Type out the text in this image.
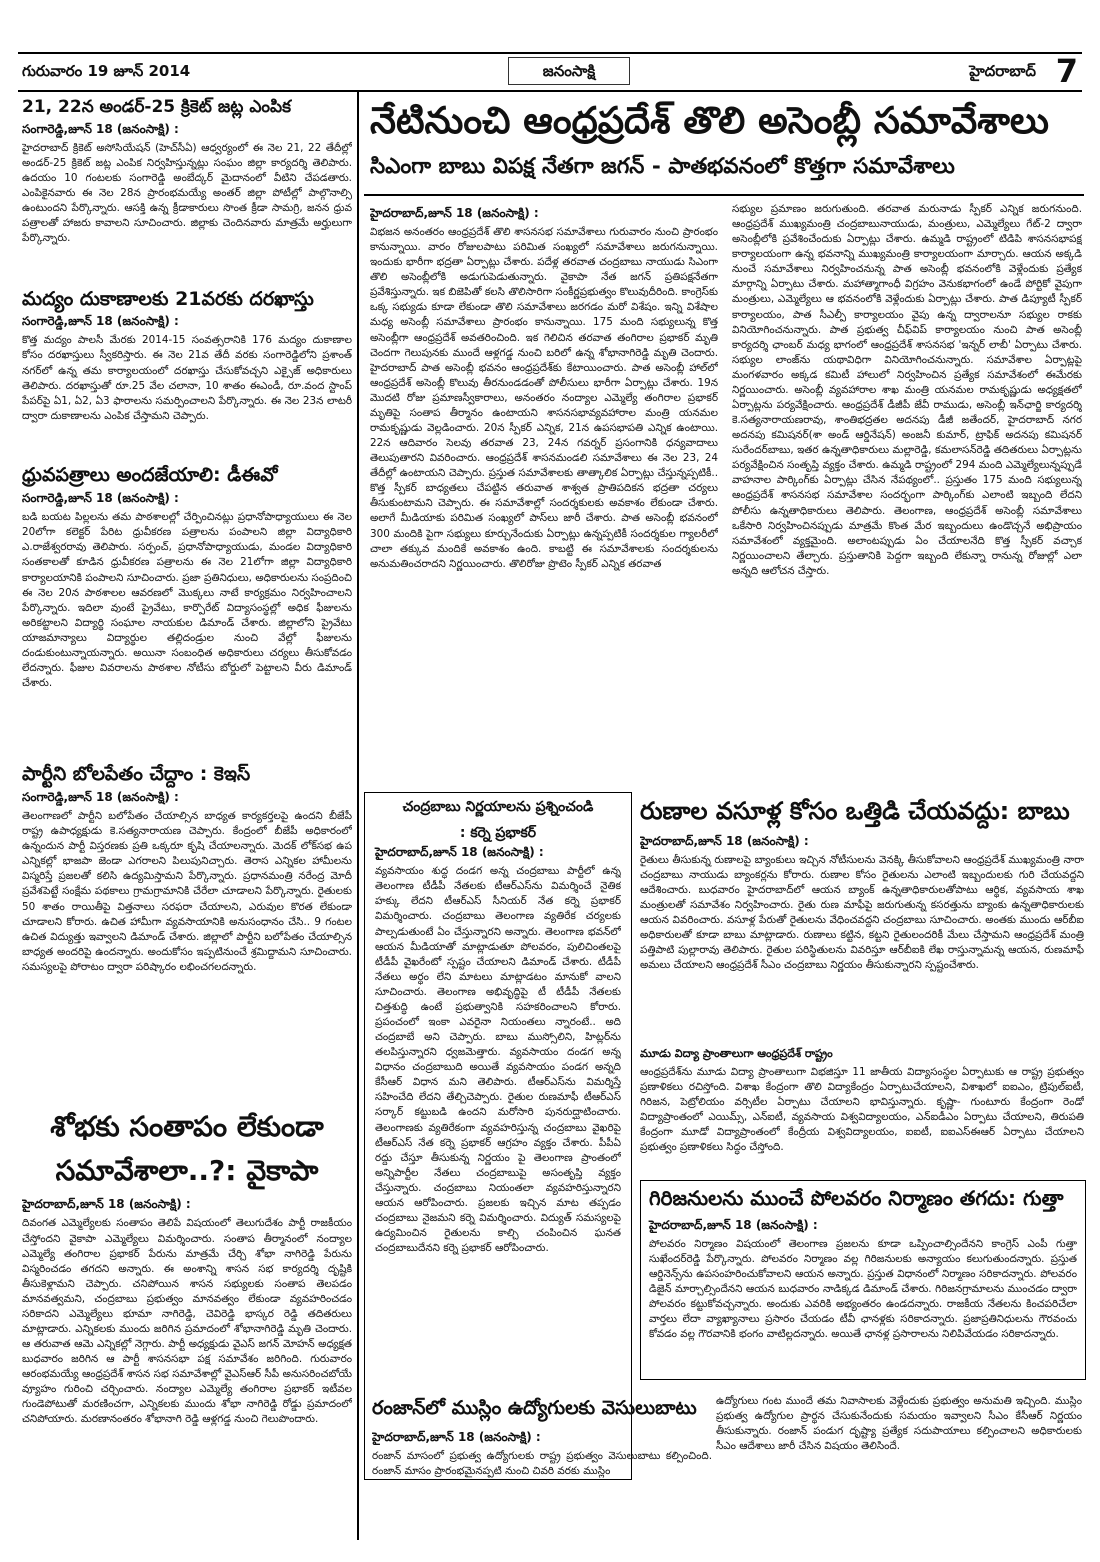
గురువారం 19 జూన్ 2014	జనంసాక్షి	హైదరాబాద్ 7
21, 22న అండర్-25 క్రికెట్ జట్ల ఎంపిక
సంగారెడ్డి,జూన్ 18 (జనంసాక్షి) :

హైదరాబాద్ క్రికెట్ అసోసియేషన్ (హెచ్‌సీఏ) ఆధ్వర్యంలో ఈ నెల 21, 22 తేదీల్లో అండర్-25 క్రికెట్ జట్ల ఎంపిక నిర్వహిస్తున్నట్లు సంఘం జిల్లా కార్యదర్శి తెలిపారు. ఉదయం 10 గంటలకు సంగారెడ్డి అంబేద్కర్ మైదానంలో వీటిని చేపడతారు. ఎంపికైనవారు ఈ నెల 28న ప్రారంభమయ్యే అంతర్ జిల్లా పోటీల్లో పాల్గొనాల్సి ఉంటుందని పేర్కొన్నారు. ఆసక్తి ఉన్న క్రీడాకారులు సొంత క్రీడా సామగ్రి, జనన ధ్రువ పత్రాలతో హాజరు కావాలని సూచించారు. జిల్లాకు చెందినవారు మాత్రమే అర్హులుగా పేర్కొన్నారు.

మద్యం దుకాణాలకు 21వరకు దరఖాస్తు
సంగారెడ్డి,జూన్ 18 (జనంసాక్షి) :

కొత్త మద్యం పాలసీ మేరకు 2014-15 సంవత్సరానికి 176 మద్యం దుకాణాల కోసం దరఖాస్తులు స్వీకరిస్తారు. ఈ నెల 21వ తేదీ వరకు సంగారెడ్డిలోని ప్రశాంత్ నగర్‌లో ఉన్న తమ కార్యాలయంలో దరఖాస్తు చేసుకోవచ్చని ఎక్సైజ్ అధికారులు తెలిపారు. దరఖాస్తుతో రూ.25 వేల చలానా, 10 శాతం ఈఎండీ, రూ.వంద స్టాంప్ పేపర్‌పై ఏ1, ఏ2, ఏ3 ఫారాలను సమర్పించాలని పేర్కొన్నారు. ఈ నెల 23న లాటరీ ద్వారా దుకాణాలను ఎంపిక చేస్తామని చెప్పారు.

ధ్రువపత్రాలు అందజేయాలి: డీఈవో
సంగారెడ్డి,జూన్ 18 (జనంసాక్షి) :

బడి బయట పిల్లలను తమ పాఠశాలల్లో చేర్పించినట్లు ప్రధానోపాధ్యాయులు ఈ నెల 20లోగా కలెక్టర్ పేరిట ధ్రువీకరణ పత్రాలను పంపాలని జిల్లా విద్యాధికారి ఎ.రాజేశ్వరరావు తెలిపారు. సర్పంచ్, ప్రధానోపాధ్యాయుడు, మండల విద్యాధికారి సంతకాలతో కూడిన ధ్రువీకరణ పత్రాలను ఈ నెల 21లోగా జిల్లా విద్యాధికారి కార్యాలయానికి పంపాలని సూచించారు. ప్రజా ప్రతినిధులు, అధికారులను సంప్రదించి ఈ నెల 20న పాఠశాలల ఆవరణలో మొక్కలు నాటే కార్యక్రమం నిర్వహించాలని పేర్కొన్నారు. ఇదిలా వుంటే ప్రైవేటు, కార్పొరేట్ విద్యాసంస్థల్లో అధిక ఫీజులను అరికట్టాలని విద్యార్థి సంఘాల నాయకుల డిమాండ్ చేశారు. జిల్లాలోని ప్రైవేటు యాజమాన్యాలు విద్యార్థుల తల్లిదండ్రుల నుంచి వేల్లో ఫీజులను దండుకుంటున్నాయన్నారు. అయినా సంబంధిత అధికారులు చర్యలు తీసుకోవడం లేదన్నారు. ఫీజుల వివరాలను పాఠశాల నోటీసు బోర్డులో పెట్టాలని వీరు డిమాండ్ చేశారు.

పార్టీని బోలపేతం చేద్దాం : కెఇస్
సంగారెడ్డి,జూన్ 18 (జనంసాక్షి) :

తెలంగాణలో పార్టీని బలోపేతం చేయాల్సిన బాధ్యత కార్యకర్తలపై ఉందని బీజేపీ రాష్ట్ర ఉపాధ్యక్షుడు కె.సత్యనారాయణ చెప్పారు. కేంద్రంలో బీజేపీ అధికారంలో ఉన్నందున పార్టీ విస్తరణకు ప్రతి ఒక్కరూ కృషి చేయాలన్నారు. మెదక్ లోక్‌సభ ఉప ఎన్నికల్లో భాజపా జెండా ఎగరాలని పిలుపునిచ్చారు. తెరాస ఎన్నికల హామీలను విస్మరిస్తే ప్రజలతో కలిసి ఉద్యమిస్తామని పేర్కొన్నారు. ప్రధానమంత్రి నరేంద్ర మోదీ ప్రవేశపెట్టే సంక్షేమ పథకాలు గ్రామగ్రామానికి చేరేలా చూడాలని పేర్కొన్నారు. రైతులకు 50 శాతం రాయితీపై విత్తనాలు సరఫరా చేయాలని, ఎరువుల కొరత లేకుండా చూడాలని కోరారు. ఉచిత హామీగా వ్యవసాయానికి అనుసంధానం చేసి.. 9 గంటల ఉచిత విద్యుత్తు ఇవ్వాలని డిమాండ్ చేశారు. జిల్లాలో పార్టీని బలోపేతం చేయాల్సిన బాధ్యత అందరిపై ఉందన్నారు. అందుకోసం ఇప్పటినుంచే శ్రమిద్దామని సూచించారు. సమస్యలపై పోరాటం ద్వారా పరిష్కారం లభించగలదన్నారు.

శోభకు సంతాపం లేకుండా
సమావేశాలా..?: వైకాపా
హైదరాబాద్,జూన్ 18 (జనంసాక్షి) :

దివంగత ఎమ్మెల్యేలకు సంతాపం తెలిపే విషయంలో తెలుగుదేశం పార్టీ రాజకీయం చేస్తోందని వైకాపా ఎమ్మెల్యేలు విమర్శించారు. సంతాప తీర్మానంలో నంద్యాల ఎమ్మెల్యే తంగిరాల ప్రభాకర్ పేరును మాత్రమే చేర్చి శోభా నాగిరెడ్డి పేరును విస్మరించడం తగదని అన్నారు. ఈ అంశాన్ని శాసన సభ కార్యదర్శి దృష్టికి తీసుకెళ్లామని చెప్పారు. చనిపోయిన శాసన సభ్యులకు సంతాప తెలపడం మానవత్వమని, చంద్రబాబు ప్రభుత్వం మానవత్వం లేకుండా వ్యవహరించడం సరికాదని ఎమ్మెల్యేలు భూమా నాగిరెడ్డి, చెవిరెడ్డి భాస్కర రెడ్డి తదితరులు మాట్లాడారు. ఎన్నికలకు ముందు జరిగిన ప్రమాదంలో శోభానాగిరెడ్డి మృతి చెందారు. ఆ తరువాత ఆమె ఎన్నికల్లో నెగ్గారు. పార్టీ అధ్యక్షుడు వైఎస్ జగన్ మోహన్ అధ్యక్షత బుధవారం జరిగిన ఆ పార్టీ శాసనసభా పక్ష సమావేశం జరిగింది. గురువారం ఆరంభమయ్యే ఆంధ్రప్రదేశ్ శాసన సభ సమావేశాల్లో వైఎస్‌ఆర్ సీపీ అనుసరించబోయే వ్యూహం గురించి చర్చించారు. నంద్యాల ఎమ్మెల్యే తంగిరాల ప్రభాకర్ ఇటీవల గుండెపోటుతో మరణించగా, ఎన్నికలకు ముందు శోభా నాగిరెడ్డి రోడ్డు ప్రమాదంలో చనిపోయారు. మరణానంతరం శోభానాగి రెడ్డి ఆళ్లగడ్డ నుంచి గెలుపొందారు.

నేటినుంచి ఆంధ్రప్రదేశ్ తొలి అసెంబ్లీ సమావేశాలు
సిఎంగా బాబు విపక్ష నేతగా జగన్ - పాతభవనంలో కొత్తగా సమావేశాలు
హైదరాబాద్,జూన్ 18 (జనంసాక్షి) :

విభజన అనంతరం ఆంధ్రప్రదేశ్ తొలి శాసనసభ సమావేశాలు గురువారం నుంచి ప్రారంభం కానున్నాయి. వారం రోజులపాటు పరిమిత సంఖ్యలో సమావేశాలు జరుగనున్నాయి. ఇందుకు భారీగా భద్రతా ఏర్పాట్లు చేశారు. పదేళ్ల తరవాత చంద్రబాబు నాయుడు సిఎంగా తొలి అసెంబ్లీలోకి అడుగుపెడుతున్నారు. వైకాపా నేత జగన్ ప్రతిపక్షనేతగా ప్రవేశిస్తున్నారు. ఇక బిజెపితో కలసి తొలిసారిగా సంకీర్ణప్రభుత్వం కొలువుదీరింది. కాంగ్రెస్‌కు ఒక్క సభ్యుడు కూడా లేకుండా తొలి సమావేశాలు జరగడం మరో విశేషం. ఇన్ని విశేషాల మధ్య అసెంబ్లీ సమావేశాలు ప్రారంభం కానున్నాయి. 175 మంది సభ్యులున్న కొత్త అసెంబ్లీగా ఆంధ్రప్రదేశ్ అవతరించింది. ఇక గెలిచిన తరవాత తంగిరాల ప్రభాకర్ మృతి చెందగా గెలుపునకు ముందే ఆళ్లగడ్డ నుంచి బరిలో ఉన్న శోభానాగిరెడ్డి మృతి చెందారు. హైదరాబాద్ పాత అసెంబ్లీ భవనం ఆంధ్రప్రదేశ్‌కు కేటాయించారు. పాత అసెంబ్లీ హాల్‌లో ఆంధ్రప్రదేశ్ అసెంబ్లీ కొలువు తీరనుండడంతో పోలీసులు భారీగా ఏర్పాట్లు చేశారు. 19న మొదటి రోజు ప్రమాణస్వీకారాలు, అనంతరం నంద్యాల ఎమ్మెల్యే తంగిరాల ప్రభాకర్ మృతిపై సంతాప తీర్మానం ఉంటాయని శాసనసభావ్యవహారాల మంత్రి యనమల రామకృష్ణుడు వెల్లడించారు. 20న స్పీకర్ ఎన్నిక, 21న ఉపసభాపతి ఎన్నిక ఉంటాయి. 22న ఆదివారం సెలవు తరవాత 23, 24న గవర్నర్ ప్రసంగానికి ధన్యవాదాలు తెలుపుతారని వివరించారు. ఆంధ్రప్రదేశ్ శాసనమండలి సమావేశాలు ఈ నెల 23, 24 తేదీల్లో ఉంటాయని చెప్పారు. ప్రస్తుత సమావేశాలకు తాత్కాలిక ఏర్పాట్లు చేస్తున్నప్పటికీ.. కొత్త స్పీకర్ బాధ్యతలు చేపట్టిన తరువాత శాశ్వత ప్రాతిపదికన భద్రతా చర్యలు తీసుకుంటామని చెప్పారు. ఈ సమావేశాల్లో సందర్శకులకు అవకాశం లేకుండా చేశారు. అలాగే మీడియాకు పరిమిత సంఖ్యలో పాస్‌లు జారీ చేశారు. పాత అసెంబ్లీ భవనంలో 300 మందికి పైగా సభ్యులు కూర్చునేందుకు ఏర్పాట్లు ఉన్నప్పటికీ సందర్శకుల గ్యాలరీలో చాలా తక్కువ మందికే అవకాశం ఉంది. కాబట్టి ఈ సమావేశాలకు సందర్శకులను అనుమతించరాదని నిర్ణయించారు. తొలిరోజు ప్రొటెం స్పీకర్ ఎన్నిక తరవాత

సభ్యుల ప్రమాణం జరుగుతుంది. తరవాత మరునాడు స్పీకర్ ఎన్నిక జరుగనుంది. ఆంధ్రప్రదేశ్ ముఖ్యమంత్రి చంద్రబాబునాయుడు, మంత్రులు, ఎమ్మెల్యేలు గేట్-2 ద్వారా అసెంబ్లీలోకి ప్రవేశించేందుకు ఏర్పాట్లు చేశారు. ఉమ్మడి రాష్ట్రంలో టిడిపి శాసనసభాపక్ష కార్యాలయంగా ఉన్న భవనాన్ని ముఖ్యమంత్రి కార్యాలయంగా మార్చారు. ఆయన అక్కడి నుంచే సమావేశాలు నిర్వహించనున్న పాత అసెంబ్లీ భవనంలోకి వెళ్లేందుకు ప్రత్యేక మార్గాన్ని ఏర్పాటు చేశారు. మహాత్మాగాంధీ విగ్రహం వెనుకభాగంలో ఉండే పోర్టికో వైపుగా మంత్రులు, ఎమ్మెల్యేలు ఆ భవనంలోకి వెళ్లేందుకు ఏర్పాట్లు చేశారు. పాత డిప్యూటీ స్పీకర్ కార్యాలయం, పాత సీఎల్పీ కార్యాలయం వైపు ఉన్న ద్వారాలనూ సభ్యుల రాకకు వినియోగించనున్నారు. పాత ప్రభుత్వ చీఫ్‌విప్ కార్యాలయం నుంచి పాత అసెంబ్లీ కార్యదర్శి ఛాంబర్ మధ్య భాగంలో ఆంధ్రప్రదేశ్ శాసనసభ 'ఇన్నర్ లాబీ' ఏర్పాటు చేశారు. సభ్యుల లాంజ్‌ను యథావిధిగా వినియోగించనున్నారు. సమావేశాల ఏర్పాట్లపై మంగళవారం అక్కడ కమిటీ హాలులో నిర్వహించిన ప్రత్యేక సమావేశంలో ఈమేరకు నిర్ణయించారు. అసెంబ్లీ వ్యవహారాల శాఖ మంత్రి యనమల రామకృష్ణుడు అధ్యక్షతలో ఏర్పాట్లను పర్యవేక్షించారు. ఆంధ్రప్రదేశ్ డీజీపీ జేవీ రాముడు, అసెంబ్లీ ఇన్‌ఛార్జి కార్యదర్శి కె.సత్యనారాయణరావు, శాంతిభద్రతల అదనపు డీజీ జతేందర్, హైదరాబాద్ నగర అదనపు కమిషనర్(శా అండ్ ఆర్డినేషన్) అంజనీ కుమార్, ట్రాఫిక్ అదనపు కమిషనర్ సురేందర్‌బాబు, ఇతర ఉన్నతాధికారులు మల్లారెడ్డి, కమలాసన్‌రెడ్డి తదితరులు ఏర్పాట్లను పర్యవేక్షించిన సంతృప్తి వ్యక్తం చేశారు. ఉమ్మడి రాష్ట్రంలో 294 మంది ఎమ్మెల్యేలున్నప్పుడే వాహనాల పార్కింగ్‌కు ఏర్పాట్లు చేసిన నేపథ్యంలో.. ప్రస్తుతం 175 మంది సభ్యులున్న ఆంధ్రప్రదేశ్ శాసనసభ సమావేశాల సందర్భంగా పార్కింగ్‌కు ఎలాంటి ఇబ్బంది లేదని పోలీసు ఉన్నతాధికారులు తెలిపారు. తెలంగాణ, ఆంధ్రప్రదేశ్ అసెంబ్లీ సమావేశాలు ఒకేసారి నిర్వహించినప్పుడు మాత్రమే కొంత మేర ఇబ్బందులు ఉండొచ్చనే అభిప్రాయం సమావేశంలో వ్యక్తమైంది. అలాంటప్పుడు ఏం చేయాలనేది కొత్త స్పీకర్ వచ్చాక నిర్ణయించాలని తేల్చారు. ప్రస్తుతానికి పెద్దగా ఇబ్బంది లేకున్నా రానున్న రోజుల్లో ఎలా అన్నది ఆలోచన చేస్తారు.

చంద్రబాబు నిర్ణయాలను ప్రశ్నించండి
: కర్నె ప్రభాకర్
హైదరాబాద్,జూన్ 18 (జనంసాక్షి) :

వ్యవసాయం శుద్ధ దండగ అన్న చంద్రబాబు పార్టీలో ఉన్న తెలంగాణ టీడీపీ నేతలకు టీఆర్‌ఎస్‌ను విమర్శించే నైతిక హక్కు లేదని టీఆర్‌ఎస్ సీనియర్ నేత కర్నె ప్రభాకర్ విమర్శించారు. చంద్రబాబు తెలంగాణ వ్యతిరేక చర్యలకు పాల్పడుతుంటే ఏం చేస్తున్నారని అన్నారు. తెలంగాణ భవన్‌లో ఆయన మీడియాతో మాట్లాడుతూ పోలవరం, పులిచింతలపై టీడీపీ వైఖరేంటో స్పష్టం చేయాలని డిమాండ్ చేశారు. టీడీపీ నేతలు అర్థం లేని మాటలు మాట్లాడటం మానుకో వాలని సూచించారు. తెలంగాణ అభివృద్ధిపై టీ టీడీపీ నేతలకు చిత్తశుద్ధి ఉంటే ప్రభుత్వానికి సహకరించాలని కోరారు. ప్రపంచంలో ఇంకా ఎవరైనా నియంతలు న్నారంటే.. అది చంద్రబాబే అని చెప్పారు. బాబు ముస్సోలిని, హిట్లర్‌ను తలపిస్తున్నారని ధ్వజమెత్తారు. వ్యవసాయం దండగ అన్న విధానం చంద్రబాబుది అయితే వ్యవసాయం పండగ అన్నది కేసీఆర్ విధాన మని తెలిపారు. టీఆర్‌ఎస్‌ను విమర్శిస్తే సహించేది లేదని తేల్చిచెప్పారు. రైతుల రుణమాఫీ టీఆర్‌ఎస్ సర్కార్ కట్టుబడి ఉందని మరోసారి పునరుద్ఘాటించారు. తెలంగాణకు వ్యతిరేకంగా వ్యవహరిస్తున్న చంద్రబాబు వైఖరిపై టీఆర్‌ఎస్ నేత కర్నె ప్రభాకర్ ఆగ్రహం వ్యక్తం చేశారు. పీపీఏ రద్దు చేస్తూ తీసుకున్న నిర్ణయం పై తెలంగాణ ప్రాంతంలో అన్నిపార్టీల నేతలు చంద్రబాబుపై అసంతృప్తి వ్యక్తం చేస్తున్నారు. చంద్రబాబు నియంతలా వ్యవహరిస్తున్నారని ఆయన ఆరోపించారు. ప్రజలకు ఇచ్చిన మాట తప్పడం చంద్రబాబు నైజమని కర్నె విమర్శించారు. విద్యుత్ సమస్యలపై ఉద్యమించిన రైతులను కాల్చి చంపించిన ఘనత చంద్రబాబుదేనని కర్నె ప్రభాకర్ ఆరోపించారు.

రుణాల వసూళ్ల కోసం ఒత్తిడి చేయవద్దు: బాబు
హైదరాబాద్,జూన్ 18 (జనంసాక్షి) :

రైతులు తీసుకున్న రుణాలపై బ్యాంకులు ఇచ్చిన నోటీసులను వెనక్కి తీసుకోవాలని ఆంధ్రప్రదేశ్ ముఖ్యమంత్రి నారా చంద్రబాబు నాయుడు బ్యాంకర్లను కోరారు. రుణాల కోసం రైతులను ఎలాంటి ఇబ్బందులకు గురి చేయవద్దని ఆదేశించారు. బుధవారం హైదరాబాద్‌లో ఆయన బ్యాంక్ ఉన్నతాధికారులతోపాటు ఆర్థిక, వ్యవసాయ శాఖ మంత్రులతో సమావేశం నిర్వహించారు. రైతు రుణ మాఫీపై జరుగుతున్న కసరత్తును బ్యాంకు ఉన్నతాధికారులకు ఆయన వివరించారు. వసూళ్ల పేరుతో రైతులను వేధించవద్దని చంద్రబాబు సూచించారు. అంతకు ముందు ఆర్‌బీఐ అధికారులతో కూడా బాబు మాట్లాడారు. రుణాలు కట్టిన, కట్టని రైతులందరికీ మేలు చేస్తామని ఆంధ్రప్రదేశ్ మంత్రి పత్తిపాటి పుల్లారావు తెలిపారు. రైతుల పరిస్థితులను వివరిస్తూ ఆర్‌బీఐకి లేఖ రాస్తున్నామన్న ఆయన, రుణమాఫీ అమలు చేయాలని ఆంధ్రప్రదేశ్ సీఎం చంద్రబాబు నిర్ణయం తీసుకున్నారని స్పష్టంచేశారు.

మూడు విద్యా ప్రాంతాలుగా ఆంధ్రప్రదేశ్ రాష్ట్రం

ఆంధ్రప్రదేశ్‌ను మూడు విద్యా ప్రాంతాలుగా విభజిస్తూ 11 జాతీయ విద్యాసంస్థల ఏర్పాటుకు ఆ రాష్ట్ర ప్రభుత్వం ప్రణాళికలు రచిస్తోంది. విశాఖ కేంద్రంగా తొలి విద్యాకేంద్రం ఏర్పాటుచేయాలని, విశాఖలో ఐఐఎం, ట్రిపుల్‌ఐటీ, గిరిజన, పెట్రోలియం వర్సిటీల ఏర్పాటు చేయాలని భావిస్తున్నారు. కృష్ణా- గుంటూరు కేంద్రంగా రెండో విద్యాప్రాంతంలో ఎయిమ్స్, ఎన్ఐటీ, వ్యవసాయ విశ్వవిద్యాలయం, ఎన్ఐడీఎం ఏర్పాటు చేయాలని, తిరుపతి కేంద్రంగా మూడో విద్యాప్రాంతంలో కేంద్రీయ విశ్వవిద్యాలయం, ఐఐటీ, ఐఐఎస్ఈఆర్ ఏర్పాటు చేయాలని ప్రభుత్వం ప్రణాళికలు సిద్ధం చేస్తోంది.

గిరిజనులను ముంచే పోలవరం నిర్మాణం తగదు: గుత్తా
హైదరాబాద్,జూన్ 18 (జనంసాక్షి) :

పోలవరం నిర్మాణం విషయంలో తెలంగాణ ప్రజలను కూడా ఒప్పించాల్సిందేనని కాంగ్రెస్ ఎంపీ గుత్తా సుఖేందర్‌రెడ్డి పేర్కొన్నారు. పోలవరం నిర్మాణం వల్ల గిరిజనులకు అన్యాయం కలుగుతుందన్నారు. ప్రస్తుత ఆర్డినెన్స్‌ను ఉపసంహరించుకోవాలని ఆయన అన్నారు. ప్రస్తుత విధానంలో నిర్మాణం సరికాదన్నారు. పోలవరం డిజైన్ మార్చాల్సిందేనని ఆయన బుధవారం నాడిక్కడ డిమాండ్ చేశారు. గిరిజనగ్రామాలను ముంచడం ద్వారా పోలవరం కట్టుకోవచ్చన్నారు. అందుకు ఎవరికి అభ్యంతరం ఉండదన్నారు. రాజకీయ నేతలను కించపరిచేలా వార్తలు లేదా వ్యాఖ్యానాలు ప్రసారం చేయడం టీవీ ఛానళ్లకు సరికాదన్నారు. ప్రజాప్రతినిధులను గౌరవంచు కోవడం వల్ల గౌరవానికి భంగం వాటిల్లదన్నారు. అయితే ఛానళ్ల ప్రసారాలను నిలిపివేయడం సరికాదన్నారు.

రంజాన్‌లో ముస్లిం ఉద్యోగులకు వెసులుబాటు
హైదరాబాద్,జూన్ 18 (జనంసాక్షి) :

రంజాన్ మాసంలో ప్రభుత్వ ఉద్యోగులకు రాష్ట్ర ప్రభుత్వం వెసులుబాటు కల్పించింది. రంజాన్ మాసం ప్రారంభమైనప్పటి నుంచి చివరి వరకు ముస్లిం

ఉద్యోగులు గంట ముందే తమ నివాసాలకు వెళ్లేందుకు ప్రభుత్వం అనుమతి ఇచ్చింది. ముస్లిం ప్రభుత్వ ఉద్యోగుల ప్రార్థన చేసుకునేందుకు సమయం ఇవ్వాలని సీఎం కేసీఆర్ నిర్ణయం తీసుకున్నారు. రంజాన్ పండుగ దృష్ట్యా ప్రత్యేక సదుపాయాలు కల్పించాలని అధికారులకు సీఎం ఆదేశాలు జారీ చేసిన విషయం తెలిసిందే.
